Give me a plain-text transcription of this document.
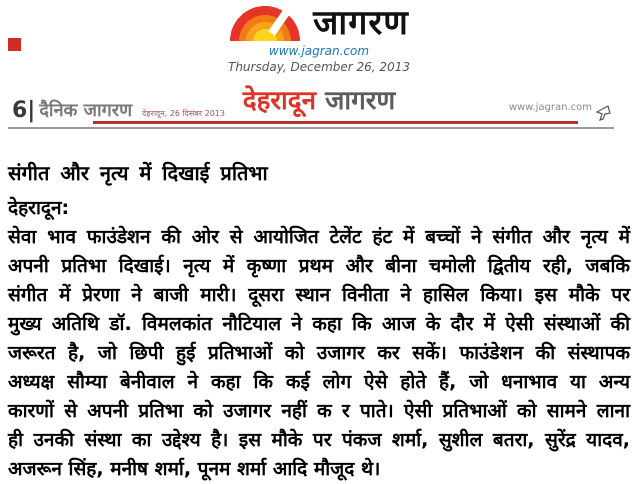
जागरण
www.jagran.com
Thursday, December 26, 2013
6| दैनिक जागरण देहरादून, 26 दिसंबर 2013 देहरादून जागरण	www.jagran.com
संगीत और नृत्य में दिखाई प्रतिभा
देहरादून:
सेवा भाव फाउंडेशन की ओर से आयोजित टेलेंट हंट में बच्चों ने संगीत और नृत्य में
अपनी प्रतिभा दिखाई। नृत्य में कृष्णा प्रथम और बीना चमोली द्वितीय रही, जबकि
संगीत में प्रेरणा ने बाजी मारी। दूसरा स्थान विनीता ने हासिल किया। इस मौके पर
मुख्य अतिथि डॉ. विमलकांत नौटियाल ने कहा कि आज के दौर में ऐसी संस्थाओं की
जरूरत है, जो छिपी हुई प्रतिभाओं को उजागर कर सकें। फाउंडेशन की संस्थापक
अध्यक्ष सौम्या बेनीवाल ने कहा कि कई लोग ऐसे होते हैं, जो धनाभाव या अन्य
कारणों से अपनी प्रतिभा को उजागर नहीं क र पाते। ऐसी प्रतिभाओं को सामने लाना
ही उनकी संस्था का उद्देश्य है। इस मौके पर पंकज शर्मा, सुशील बतरा, सुरेंद्र यादव,
अजरून सिंह, मनीष शर्मा, पूनम शर्मा आदि मौजूद थे।
